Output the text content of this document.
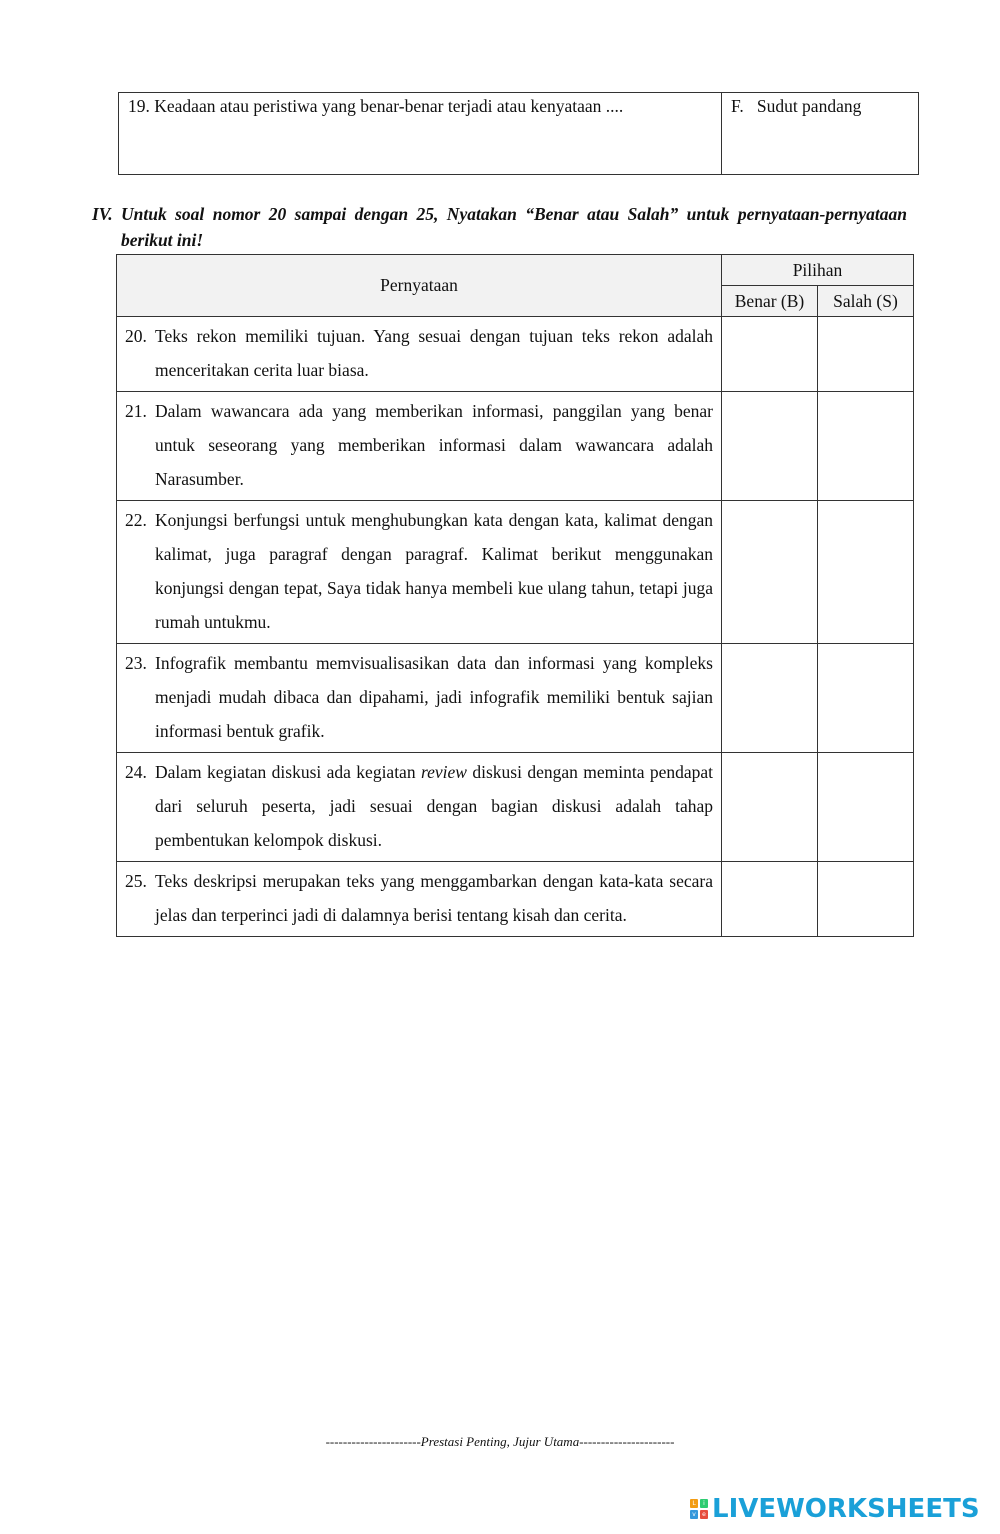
19. Keadaan atau peristiwa yang benar-benar terjadi atau kenyataan ....	F.   Sudut pandang
IV. Untuk soal nomor 20 sampai dengan 25, Nyatakan “Benar atau Salah” untuk pernyataan-pernyataan berikut ini!
Pernyataan	Pilihan	
	Benar (B)	Salah (S)

20. Teks rekon memiliki tujuan. Yang sesuai dengan tujuan teks rekon adalah menceritakan cerita luar biasa.		

21. Dalam wawancara ada yang memberikan informasi, panggilan yang benar untuk seseorang yang memberikan informasi dalam wawancara adalah Narasumber.		

22. Konjungsi berfungsi untuk menghubungkan kata dengan kata, kalimat dengan kalimat, juga paragraf dengan paragraf. Kalimat berikut menggunakan konjungsi dengan tepat, Saya tidak hanya membeli kue ulang tahun, tetapi juga rumah untukmu.		

23. Infografik membantu memvisualisasikan data dan informasi yang kompleks menjadi mudah dibaca dan dipahami, jadi infografik memiliki bentuk sajian informasi bentuk grafik.		

24. Dalam kegiatan diskusi ada kegiatan review diskusi dengan meminta pendapat dari seluruh peserta, jadi sesuai dengan bagian diskusi adalah tahap pembentukan kelompok diskusi.		

25. Teks deskripsi merupakan teks yang menggambarkan dengan kata-kata secara jelas dan terperinci jadi di dalamnya berisi tentang kisah dan cerita.		

----------------------Prestasi Penting, Jujur Utama----------------------
L	i
v	e LIVEWORKSHEETS
